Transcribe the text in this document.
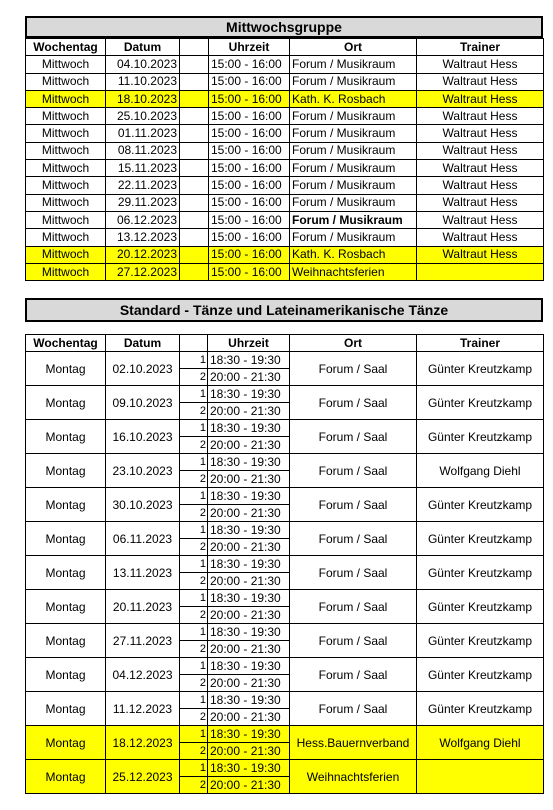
Mittwochsgruppe
Wochentag	Datum		Uhrzeit	Ort	Trainer
Mittwoch	04.10.2023		15:00 - 16:00	Forum / Musikraum	Waltraut Hess
Mittwoch	11.10.2023		15:00 - 16:00	Forum / Musikraum	Waltraut Hess
Mittwoch	18.10.2023		15:00 - 16:00	Kath. K. Rosbach	Waltraut Hess
Mittwoch	25.10.2023		15:00 - 16:00	Forum / Musikraum	Waltraut Hess
Mittwoch	01.11.2023		15:00 - 16:00	Forum / Musikraum	Waltraut Hess
Mittwoch	08.11.2023		15:00 - 16:00	Forum / Musikraum	Waltraut Hess
Mittwoch	15.11.2023		15:00 - 16:00	Forum / Musikraum	Waltraut Hess
Mittwoch	22.11.2023		15:00 - 16:00	Forum / Musikraum	Waltraut Hess
Mittwoch	29.11.2023		15:00 - 16:00	Forum / Musikraum	Waltraut Hess
Mittwoch	06.12.2023		15:00 - 16:00	Forum / Musikraum	Waltraut Hess
Mittwoch	13.12.2023		15:00 - 16:00	Forum / Musikraum	Waltraut Hess
Mittwoch	20.12.2023		15:00 - 16:00	Kath. K. Rosbach	Waltraut Hess
Mittwoch	27.12.2023		15:00 - 16:00	Weihnachtsferien	
Standard - Tänze und Lateinamerikanische Tänze
Wochentag	Datum		Uhrzeit	Ort	Trainer
Montag	02.10.2023	1	18:30 - 19:30	Forum / Saal	Günter Kreutzkamp
		2	20:00 - 21:30		
Montag	09.10.2023	1	18:30 - 19:30	Forum / Saal	Günter Kreutzkamp
		2	20:00 - 21:30		
Montag	16.10.2023	1	18:30 - 19:30	Forum / Saal	Günter Kreutzkamp
		2	20:00 - 21:30		
Montag	23.10.2023	1	18:30 - 19:30	Forum / Saal	Wolfgang Diehl
		2	20:00 - 21:30		
Montag	30.10.2023	1	18:30 - 19:30	Forum / Saal	Günter Kreutzkamp
		2	20:00 - 21:30		
Montag	06.11.2023	1	18:30 - 19:30	Forum / Saal	Günter Kreutzkamp
		2	20:00 - 21:30		
Montag	13.11.2023	1	18:30 - 19:30	Forum / Saal	Günter Kreutzkamp
		2	20:00 - 21:30		
Montag	20.11.2023	1	18:30 - 19:30	Forum / Saal	Günter Kreutzkamp
		2	20:00 - 21:30		
Montag	27.11.2023	1	18:30 - 19:30	Forum / Saal	Günter Kreutzkamp
		2	20:00 - 21:30		
Montag	04.12.2023	1	18:30 - 19:30	Forum / Saal	Günter Kreutzkamp
		2	20:00 - 21:30		
Montag	11.12.2023	1	18:30 - 19:30	Forum / Saal	Günter Kreutzkamp
		2	20:00 - 21:30		
Montag	18.12.2023	1	18:30 - 19:30	Hess.Bauernverband	Wolfgang Diehl
		2	20:00 - 21:30		
Montag	25.12.2023	1	18:30 - 19:30	Weihnachtsferien	
		2	20:00 - 21:30		
